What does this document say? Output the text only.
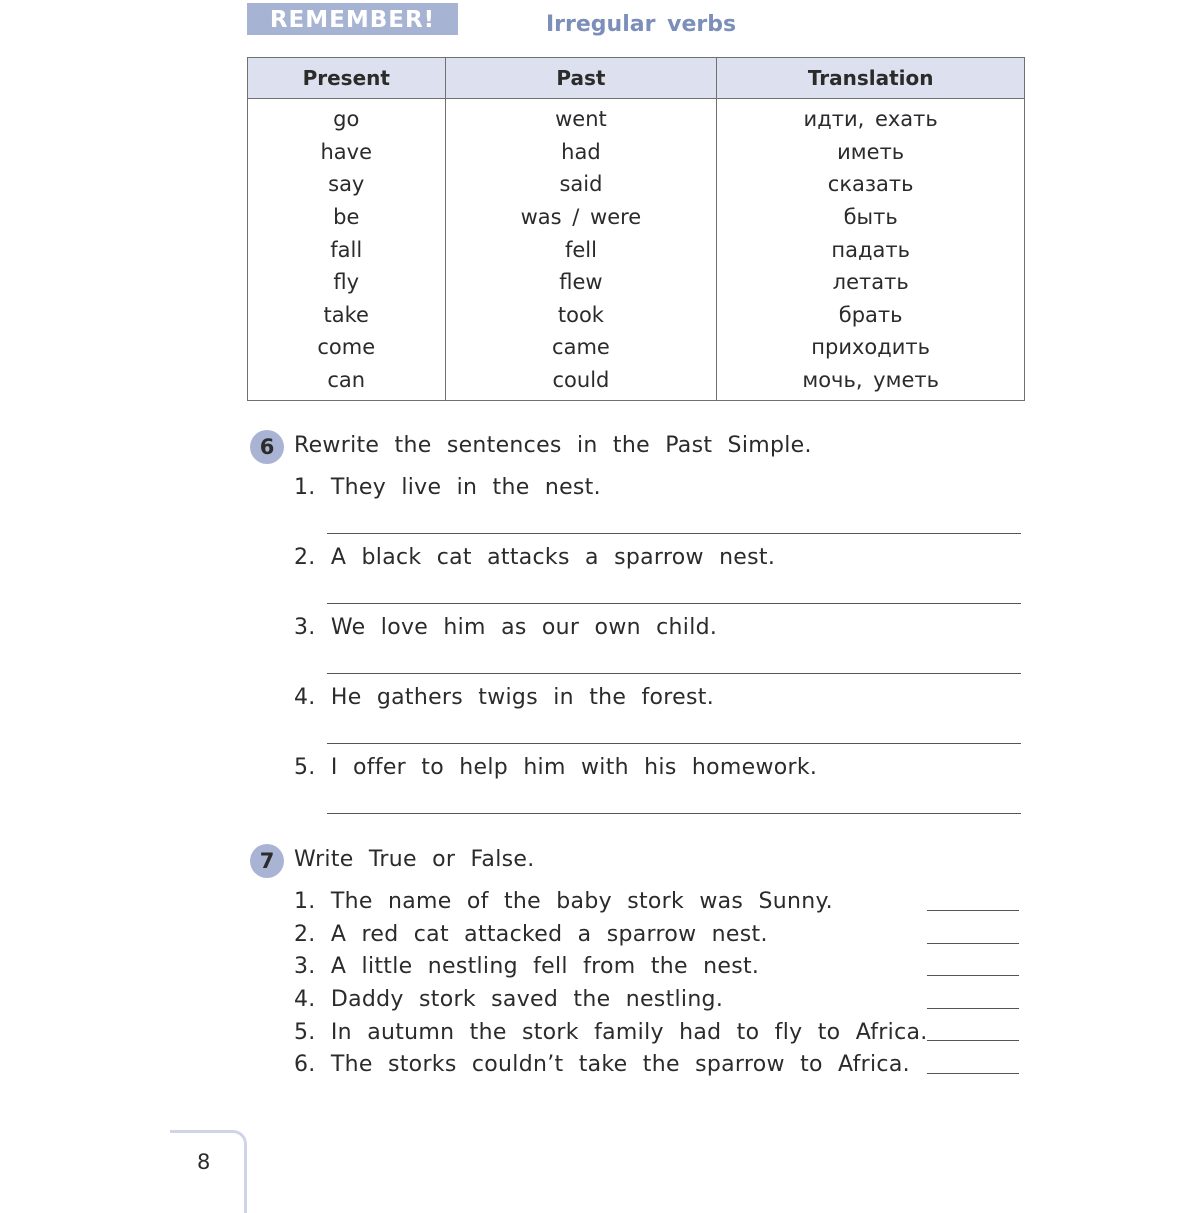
REMEMBER!	Irregular verbs
Present	Past	Translation
go	went	идти, ехать
have	had	иметь
say	said	сказать
be	was / were	быть
fall	fell	падать
fly	flew	летать
take	took	брать
come	came	приходить
can	could	мочь, уметь
6 Rewrite the sentences in the Past Simple.
1. They live in the nest.
2. A black cat attacks a sparrow nest.
3. We love him as our own child.
4. He gathers twigs in the forest.
5. I offer to help him with his homework.
7 Write True or False.
1. The name of the baby stork was Sunny.
2. A red cat attacked a sparrow nest.
3. A little nestling fell from the nest.
4. Daddy stork saved the nestling.
5. In autumn the stork family had to fly to Africa.
6. The storks couldn’t take the sparrow to Africa.
8
